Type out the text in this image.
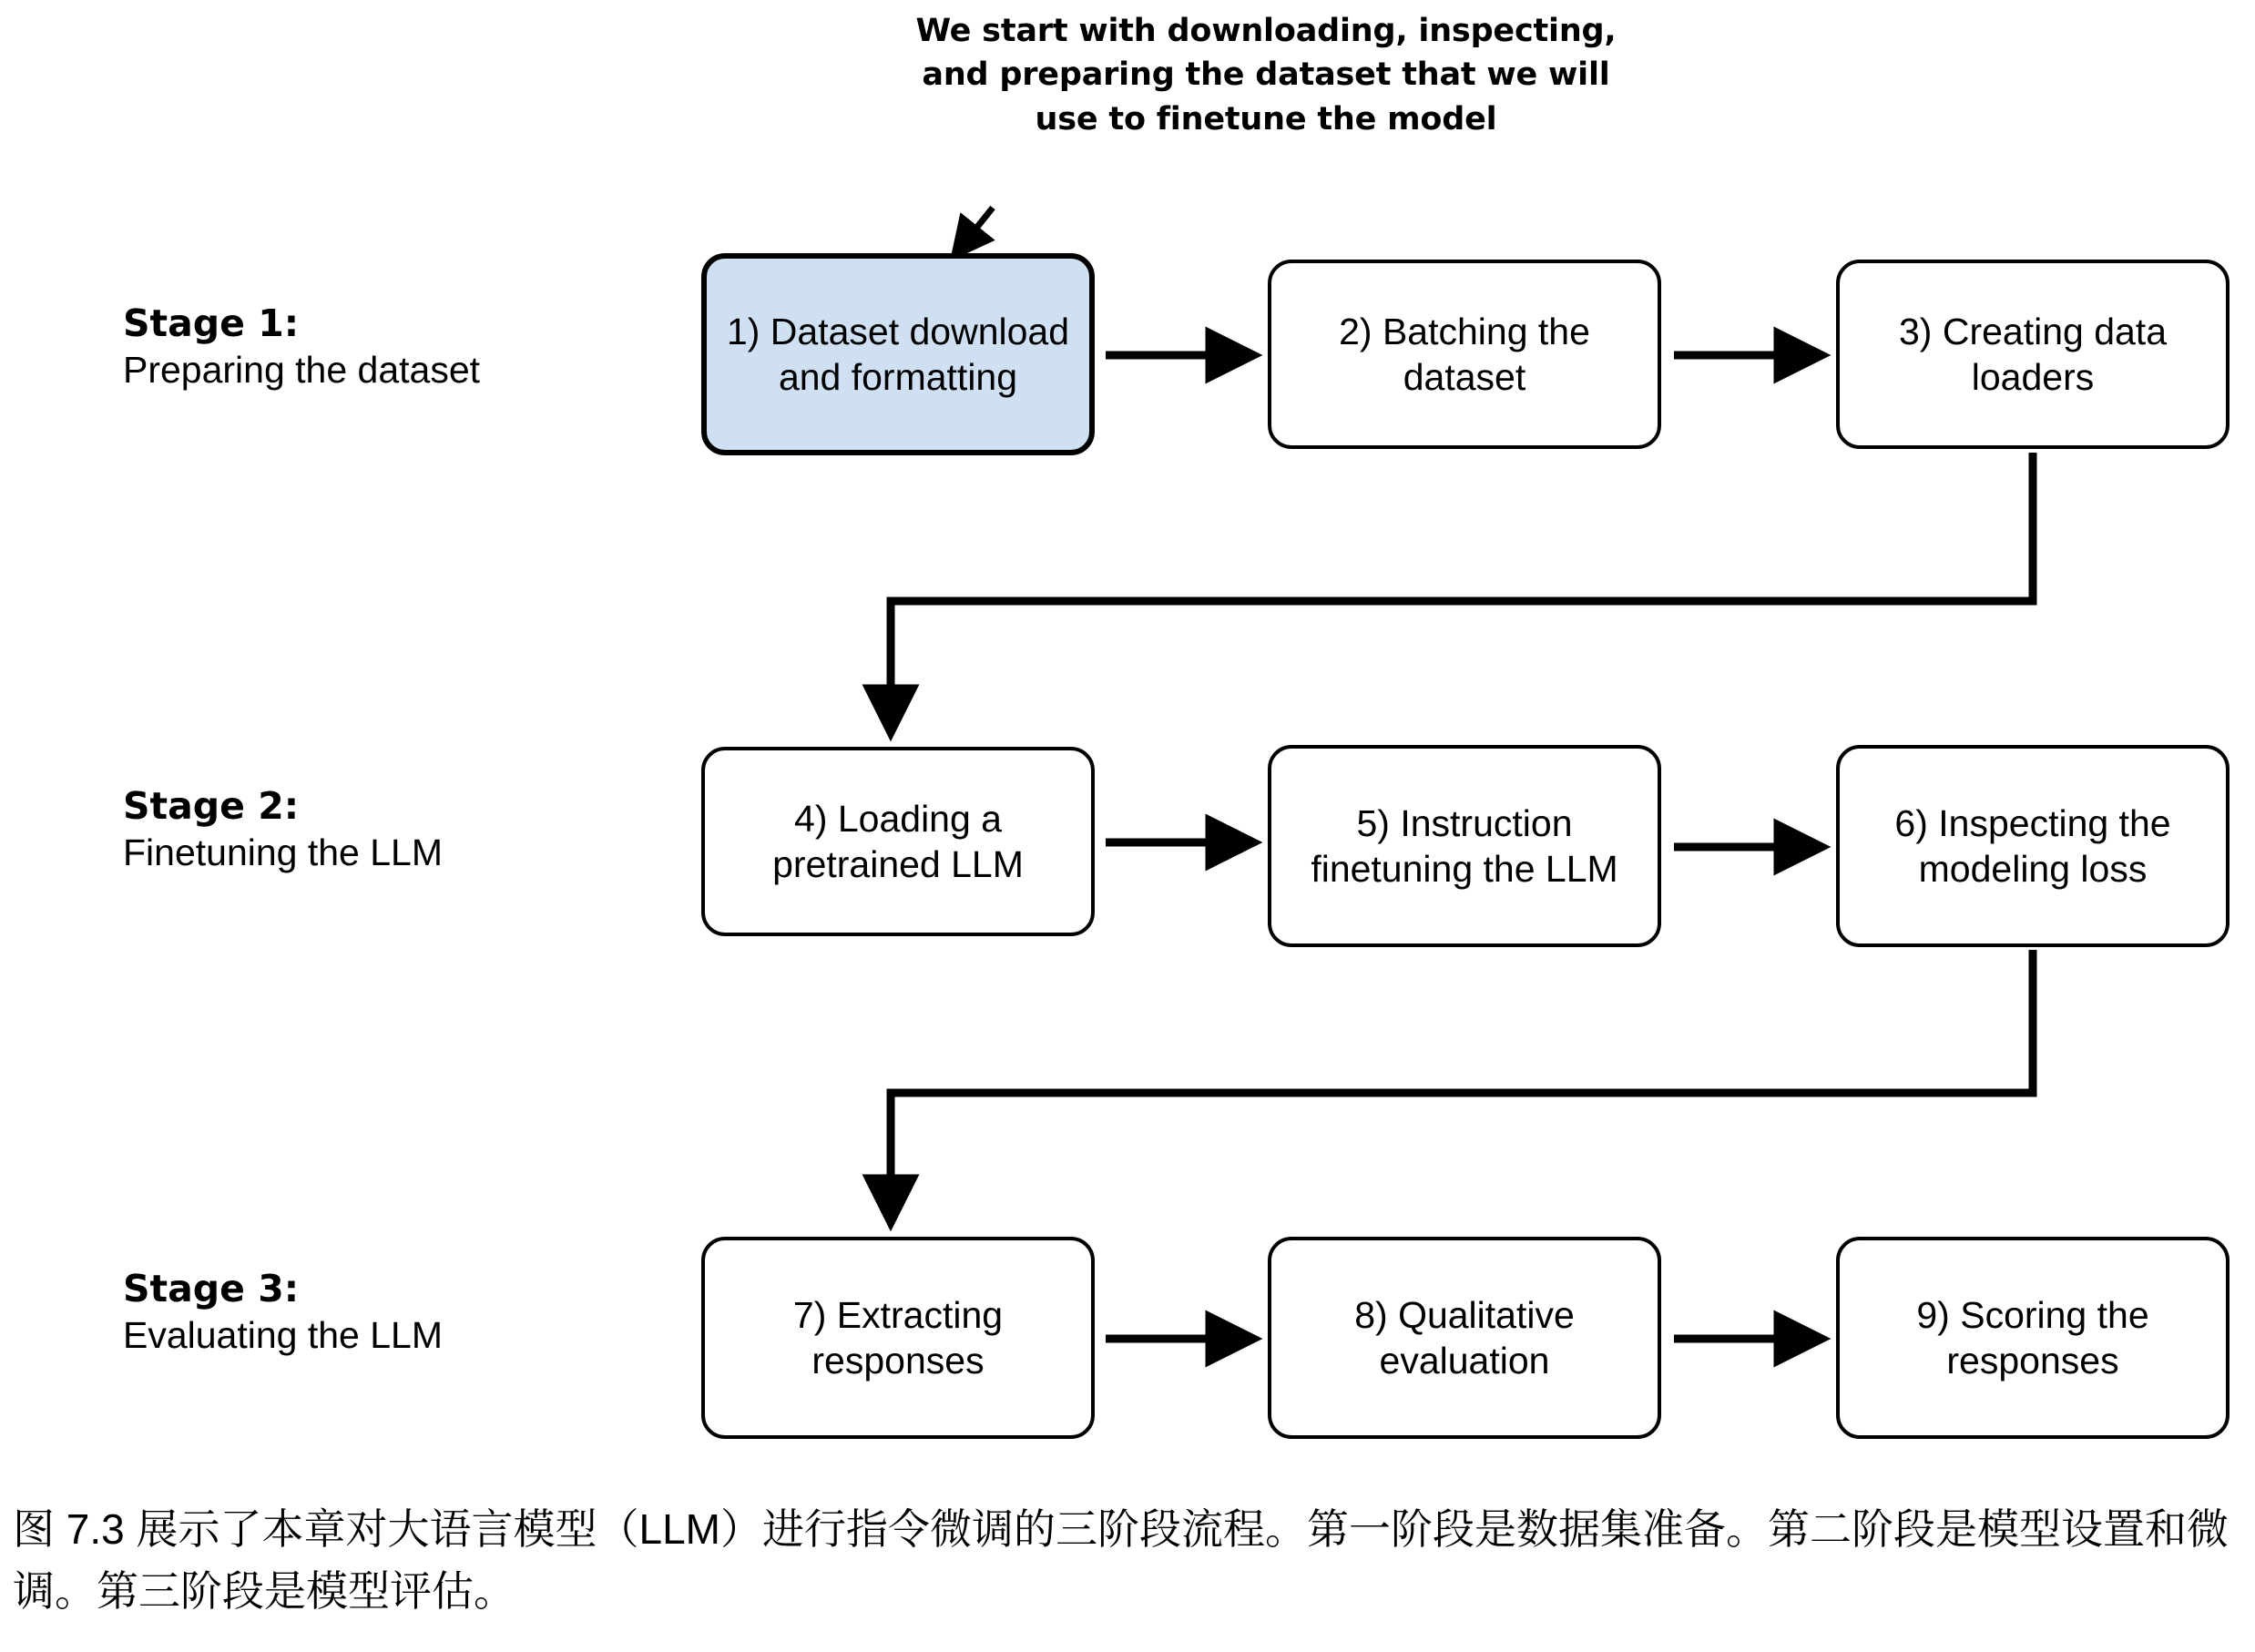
We start with downloading, inspecting, and preparing the dataset that we will use to finetune the model
Stage 1:
Preparing the dataset
Stage 2:
Finetuning the LLM
Stage 3:
Evaluating the LLM
1) Dataset download and formatting
2) Batching the dataset
3) Creating data loaders
4) Loading a pretrained LLM
5) Instruction finetuning the LLM
6) Inspecting the modeling loss
7) Extracting responses
8) Qualitative evaluation
9) Scoring the responses
图 7.3 展示了本章对大语言模型（LLM）进行指令微调的三阶段流程。第一阶段是数据集准备。第二阶段是模型设置和微调。第三阶段是模型评估。
